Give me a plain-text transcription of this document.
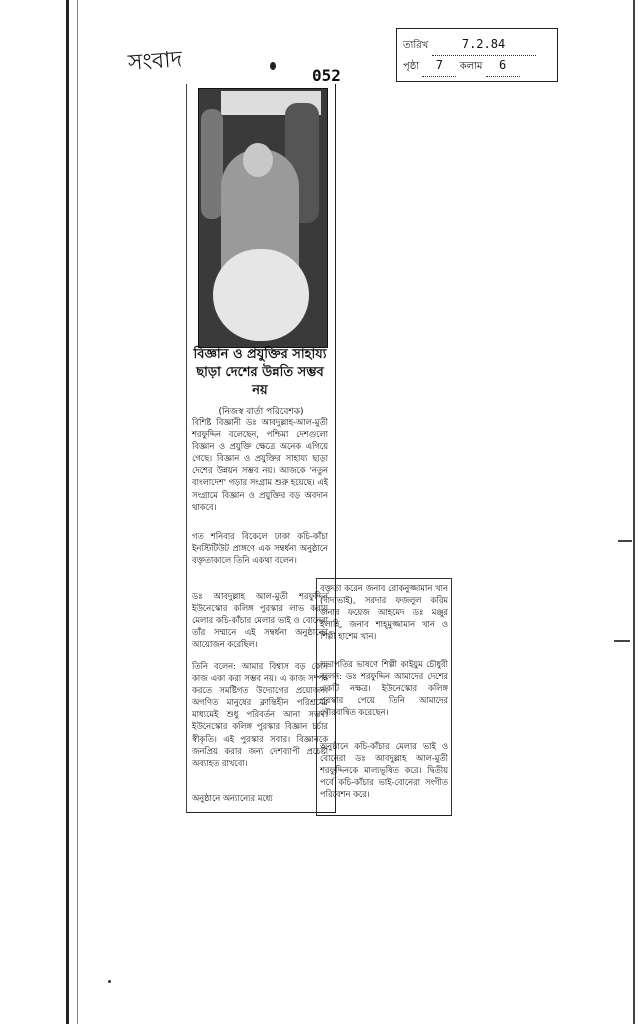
সংবাদ	052
তারিখ	7.2.84
পৃষ্ঠা 7 কলাম 6
বিজ্ঞান ও প্রযুক্তির সাহায্য ছাড়া দেশের উন্নতি সম্ভব নয়
(নিজস্ব বার্তা পরিবেশক)
বিশিষ্ট বিজ্ঞানী ডঃ আবদুল্লাহ-আল-মুতী শরফুদ্দিন বলেছেন, পশ্চিমা দেশগুলো বিজ্ঞান ও প্রযুক্তি ক্ষেত্রে অনেক এগিয়ে গেছে। বিজ্ঞান ও প্রযুক্তির সাহায্য ছাড়া দেশের উন্নয়ন সম্ভব নয়। আজকে 'নতুন বাংলাদেশ' গড়ার সংগ্রাম শুরু হয়েছে। এই সংগ্রামে বিজ্ঞান ও প্রযুক্তির বড় অবদান থাকবে।
গত শনিবার বিকেলে ঢাকা কচি-কাঁচা ইনস্টিটিউট প্রাঙ্গণে এক সম্বর্ধনা অনুষ্ঠানে বক্তৃতাকালে তিনি একথা বলেন।
ডঃ আবদুল্লাহ আল-মুতী শরফুদ্দিন ইউনেস্কোর কলিঙ্গ পুরস্কার লাভ করায় মেলার কচি-কাঁচার মেলার ভাই ও বোনেরা তাঁর সম্মানে এই সম্বর্ধনা অনুষ্ঠানের আয়োজন করেছিল।
তিনি বলেন: আমার বিশ্বাস বড় কোন কাজ একা করা সম্ভব নয়। এ কাজ সম্পন্ন করতে সমষ্টিগত উদ্যোগের প্রয়োজন। অগণিত মানুষের ক্লান্তিহীন পরিশ্রমের মাধ্যমেই শুধু পরিবর্তন আনা সম্ভব। ইউনেস্কোর কলিঙ্গ পুরস্কার বিজ্ঞান চর্চার স্বীকৃতি। এই পুরস্কার সবার। বিজ্ঞানকে জনপ্রিয় করার জন্য দেশব্যাপী প্রচেষ্টা অব্যাহত রাখবো।
অনুষ্ঠানে অন্যান্যের মধ্যে
বক্তৃতা করেন জনাব রোকনুজ্জামান খান (দাদাভাই), সরদার ফজলুল করিম জনাব ফয়েজ আহমেদ ডঃ মঞ্জুর ইলাহি, জনাব শাহ্‌মুজ্জামান খান ও শিল্পী হাশেম খান।
সভাপতির ভাষণে শিল্পী কাইয়ুম চৌধুরী বলেন: ডঃ শরফুদ্দিন আমাদের দেশের একটি নক্ষত্র। ইউনেস্কোর কলিঙ্গ পুরস্কার পেয়ে তিনি আমাদের গৌরবান্বিত করেছেন।
অনুষ্ঠানে কচি-কাঁচার মেলার ভাই ও বোনেরা ডঃ আবদুল্লাহ আল-মুতী শরফুদ্দিনকে মাল্যভূষিত করে। দ্বিতীয় পর্বে কচি-কাঁচার ভাই-বোনেরা সংগীত পরিবেশন করে।
